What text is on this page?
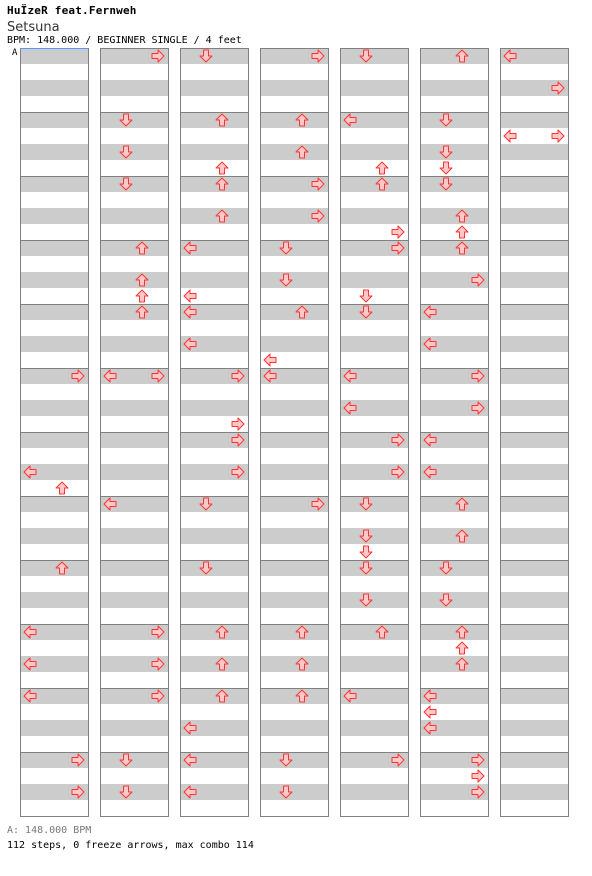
HuΪzeR feat.Fernweh
Setsuna
BPM: 148.000 / BEGINNER SINGLE / 4 feet
A
A: 148.000 BPM
112 steps, 0 freeze arrows, max combo 114
